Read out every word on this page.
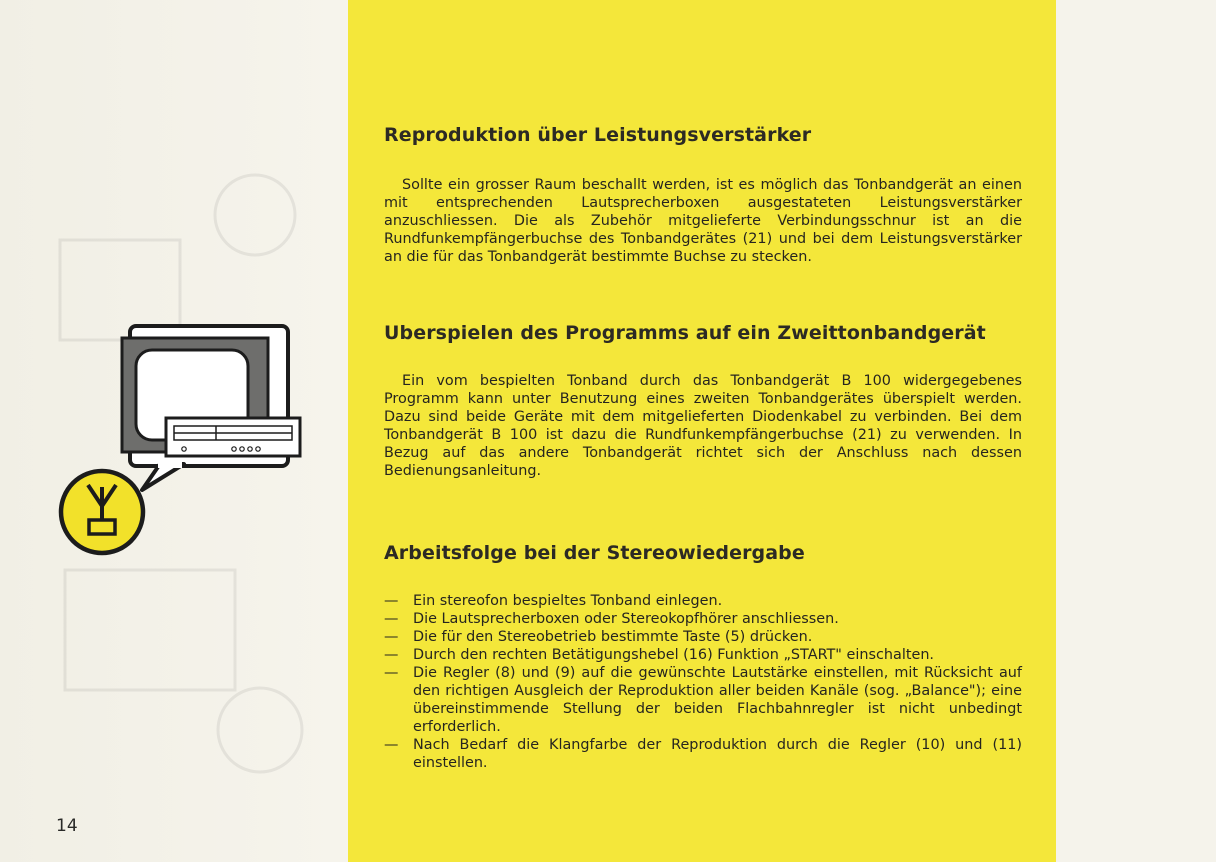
Reproduktion über Leistungsverstärker

Sollte ein grosser Raum beschallt werden, ist es möglich das Tonbandgerät an einen mit entsprechenden Lautsprecherboxen ausgestateten Leistungsverstärker anzuschliessen. Die als Zubehör mitgelieferte Verbindungsschnur ist an die Rundfunkempfängerbuchse des Tonbandgerätes (21) und bei dem Leistungsverstärker an die für das Tonbandgerät bestimmte Buchse zu stecken.

Uberspielen des Programms auf ein Zweittonbandgerät

Ein vom bespielten Tonband durch das Tonbandgerät B 100 widergegebenes Programm kann unter Benutzung eines zweiten Tonbandgerätes überspielt werden. Dazu sind beide Geräte mit dem mitgelieferten Diodenkabel zu verbinden. Bei dem Tonbandgerät B 100 ist dazu die Rundfunkempfängerbuchse (21) zu verwenden. In Bezug auf das andere Tonbandgerät richtet sich der Anschluss nach dessen Bedienungsanleitung.

Arbeitsfolge bei der Stereowiedergabe
— Ein stereofon bespieltes Tonband einlegen.
— Die Lautsprecherboxen oder Stereokopfhörer anschliessen.
— Die für den Stereobetrieb bestimmte Taste (5) drücken.
— Durch den rechten Betätigungshebel (16) Funktion „START" einschalten.
— Die Regler (8) und (9) auf die gewünschte Lautstärke einstellen, mit Rücksicht auf den richtigen Ausgleich der Reproduktion aller beiden Kanäle (sog. „Balance"); eine übereinstimmende Stellung der beiden Flachbahnregler ist nicht unbedingt erforderlich.
— Nach Bedarf die Klangfarbe der Reproduktion durch die Regler (10) und (11) einstellen.
14
